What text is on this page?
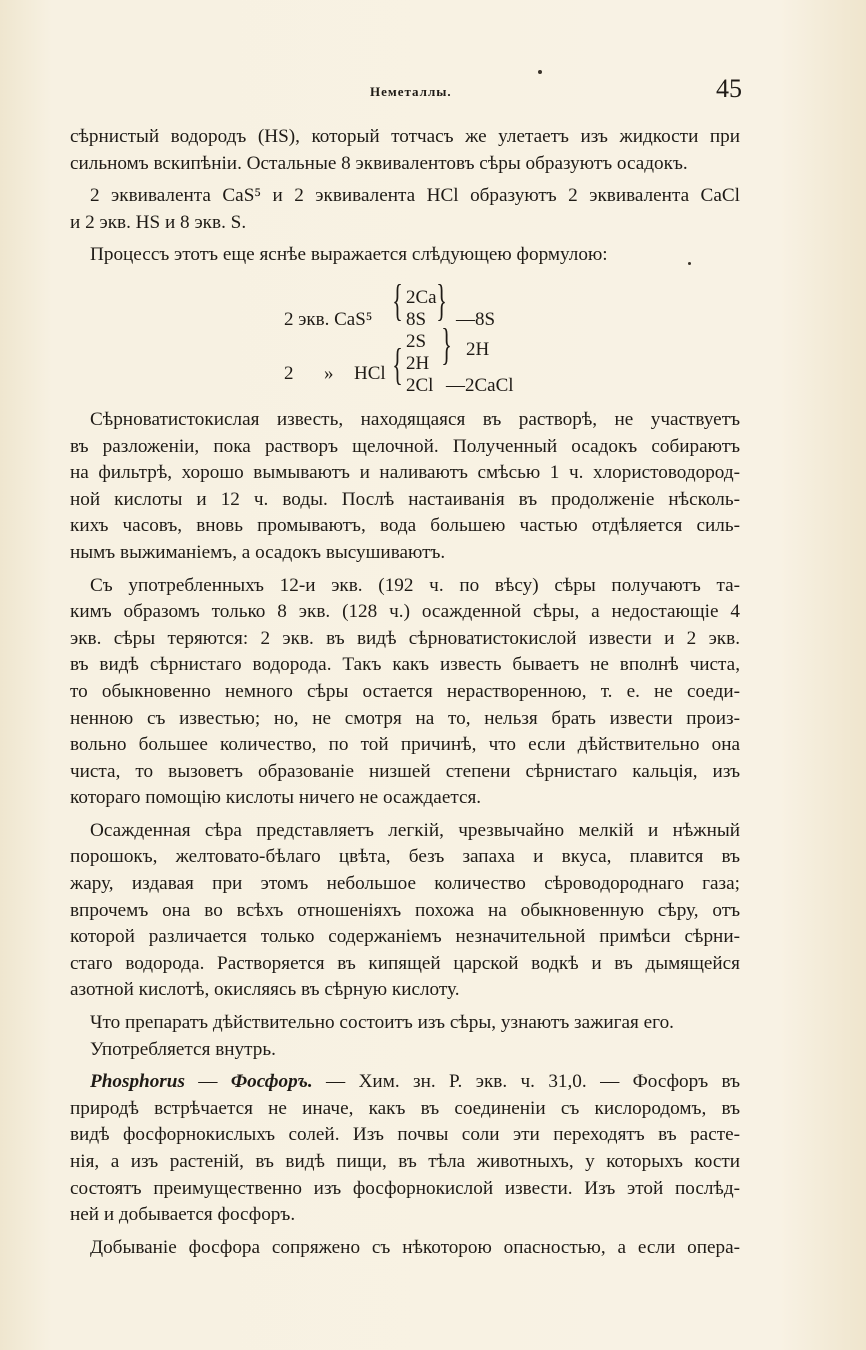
Неметаллы.	45
сѣрнистый водородъ (HS), который тотчасъ же улетаетъ изъ жидкости при
сильномъ вскипѣніи. Остальные 8 эквивалентовъ сѣры образуютъ осадокъ.
2 эквивалента CaS⁵ и 2 эквивалента HCl образуютъ 2 эквивалента CaCl
и 2 экв. HS и 8 экв. S.
Процессъ этотъ еще яснѣе выражается слѣдующею формулою:
2 экв. CaS⁵ { 2Ca
8S
2S
} —8S
2 » HCl { 2H
2Cl
} 2H
—2CaCl
Сѣрноватистокислая известь, находящаяся въ растворѣ, не участвуетъ
въ разложеніи, пока растворъ щелочной. Полученный осадокъ собираютъ
на фильтрѣ, хорошо вымываютъ и наливаютъ смѣсью 1 ч. хлористоводород-
ной кислоты и 12 ч. воды. Послѣ настаиванія въ продолженіе нѣсколь-
кихъ часовъ, вновь промываютъ, вода большею частью отдѣляется силь-
нымъ выжиманіемъ, а осадокъ высушиваютъ.
Съ употребленныхъ 12-и экв. (192 ч. по вѣсу) сѣры получаютъ та-
кимъ образомъ только 8 экв. (128 ч.) осажденной сѣры, а недостающіе 4
экв. сѣры теряются: 2 экв. въ видѣ сѣрноватистокислой извести и 2 экв.
въ видѣ сѣрнистаго водорода. Такъ какъ известь бываетъ не вполнѣ чиста,
то обыкновенно немного сѣры остается нерастворенною, т. е. не соеди-
ненною съ известью; но, не смотря на то, нельзя брать извести произ-
вольно большее количество, по той причинѣ, что если дѣйствительно она
чиста, то вызоветъ образованіе низшей степени сѣрнистаго кальція, изъ
котораго помощію кислоты ничего не осаждается.
Осажденная сѣра представляетъ легкій, чрезвычайно мелкій и нѣжный
порошокъ, желтовато-бѣлаго цвѣта, безъ запаха и вкуса, плавится въ
жару, издавая при этомъ небольшое количество сѣроводороднаго газа;
впрочемъ она во всѣхъ отношеніяхъ похожа на обыкновенную сѣру, отъ
которой различается только содержаніемъ незначительной примѣси сѣрни-
стаго водорода. Растворяется въ кипящей царской водкѣ и въ дымящейся
азотной кислотѣ, окисляясь въ сѣрную кислоту.
Что препаратъ дѣйствительно состоитъ изъ сѣры, узнаютъ зажигая его.
Употребляется внутрь.
Phosphorus — Фосфоръ. — Хим. зн. P. экв. ч. 31,0. — Фосфоръ въ
природѣ встрѣчается не иначе, какъ въ соединеніи съ кислородомъ, въ
видѣ фосфорнокислыхъ солей. Изъ почвы соли эти переходятъ въ расте-
нія, а изъ растеній, въ видѣ пищи, въ тѣла животныхъ, у которыхъ кости
состоятъ преимущественно изъ фосфорнокислой извести. Изъ этой послѣд-
ней и добывается фосфоръ.
Добываніе фосфора сопряжено съ нѣкоторою опасностью, а если опера-
